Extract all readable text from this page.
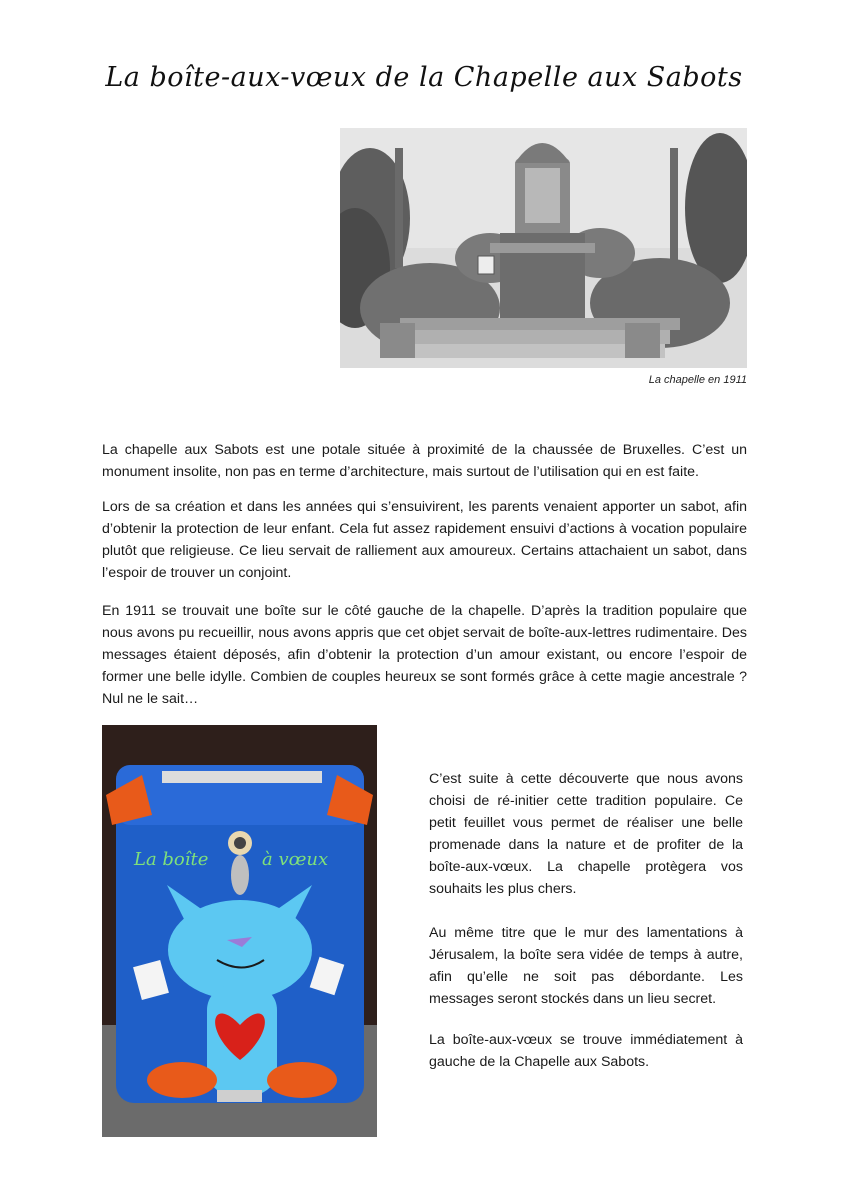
La boîte-aux-vœux de la Chapelle aux Sabots
La chapelle en 1911

La chapelle aux Sabots est une potale située à proximité de la chaussée de Bruxelles. C’est un monument insolite, non pas en terme d’architecture, mais surtout de l’utilisation qui en est faite.

Lors de sa création et dans les années qui s’ensuivirent, les parents venaient apporter un sabot, afin d’obtenir la protection de leur enfant. Cela fut assez rapidement ensuivi d’actions à vocation populaire plutôt que religieuse. Ce lieu servait de ralliement aux amoureux. Certains attachaient un sabot, dans l’espoir de trouver un conjoint.

En 1911 se trouvait une boîte sur le côté gauche de la chapelle. D’après la tradition populaire que nous avons pu recueillir, nous avons appris que cet objet servait de boîte-aux-lettres rudimentaire. Des messages étaient déposés, afin d’obtenir la protection d’un amour existant, ou encore l’espoir de former une belle idylle. Combien de couples heureux se sont formés grâce à cette magie ancestrale ? Nul ne le sait…

La boîte	à vœux

C’est suite à cette découverte que nous avons choisi de ré-initier cette tradition populaire. Ce petit feuillet vous permet de réaliser une belle promenade dans la nature et de profiter de la boîte-aux-vœux. La chapelle protègera vos souhaits les plus chers.

Au même titre que le mur des lamentations à Jérusalem, la boîte sera vidée de temps à autre, afin qu’elle ne soit pas débordante. Les messages seront stockés dans un lieu secret.

La boîte-aux-vœux se trouve immédiatement à gauche de la Chapelle aux Sabots.
